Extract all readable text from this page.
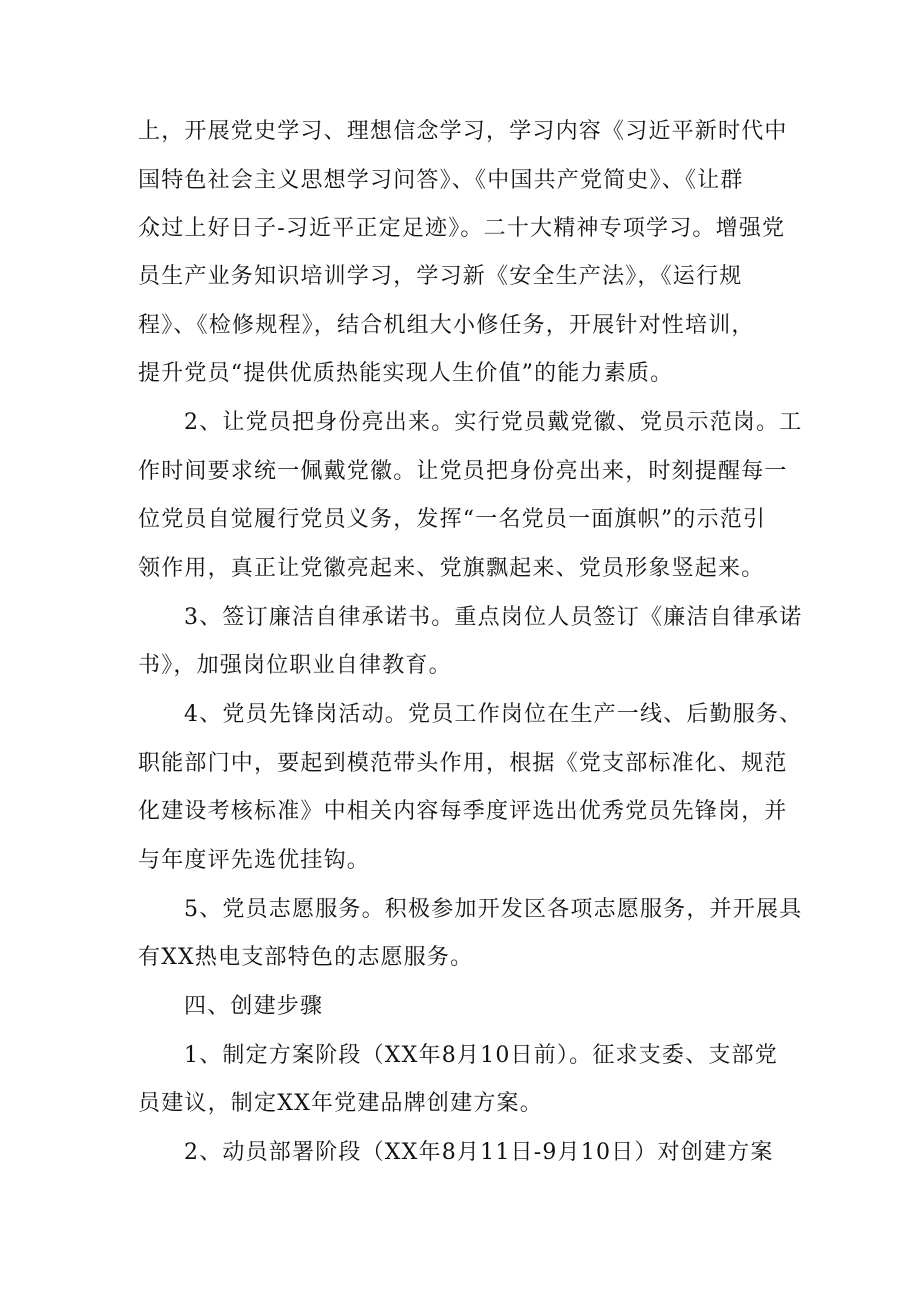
上，开展党史学习、理想信念学习，学习内容《习近平新时代中
国特色社会主义思想学习问答》、《中国共产党简史》、《让群
众过上好日子-习近平正定足迹》。二十大精神专项学习。增强党
员生产业务知识培训学习，学习新《安全生产法》，《运行规
程》、《检修规程》，结合机组大小修任务，开展针对性培训，
提升党员“提供优质热能实现人生价值”的能力素质。
2、让党员把身份亮出来。实行党员戴党徽、党员示范岗。工
作时间要求统一佩戴党徽。让党员把身份亮出来，时刻提醒每一
位党员自觉履行党员义务，发挥“一名党员一面旗帜”的示范引
领作用，真正让党徽亮起来、党旗飘起来、党员形象竖起来。
3、签订廉洁自律承诺书。重点岗位人员签订《廉洁自律承诺
书》，加强岗位职业自律教育。
4、党员先锋岗活动。党员工作岗位在生产一线、后勤服务、
职能部门中，要起到模范带头作用，根据《党支部标准化、规范
化建设考核标准》中相关内容每季度评选出优秀党员先锋岗，并
与年度评先选优挂钩。
5、党员志愿服务。积极参加开发区各项志愿服务，并开展具
有XX热电支部特色的志愿服务。
四、创建步骤
1、制定方案阶段（XX年8月10日前）。征求支委、支部党
员建议，制定XX年党建品牌创建方案。
2、动员部署阶段（XX年8月11日-9月10日）对创建方案
